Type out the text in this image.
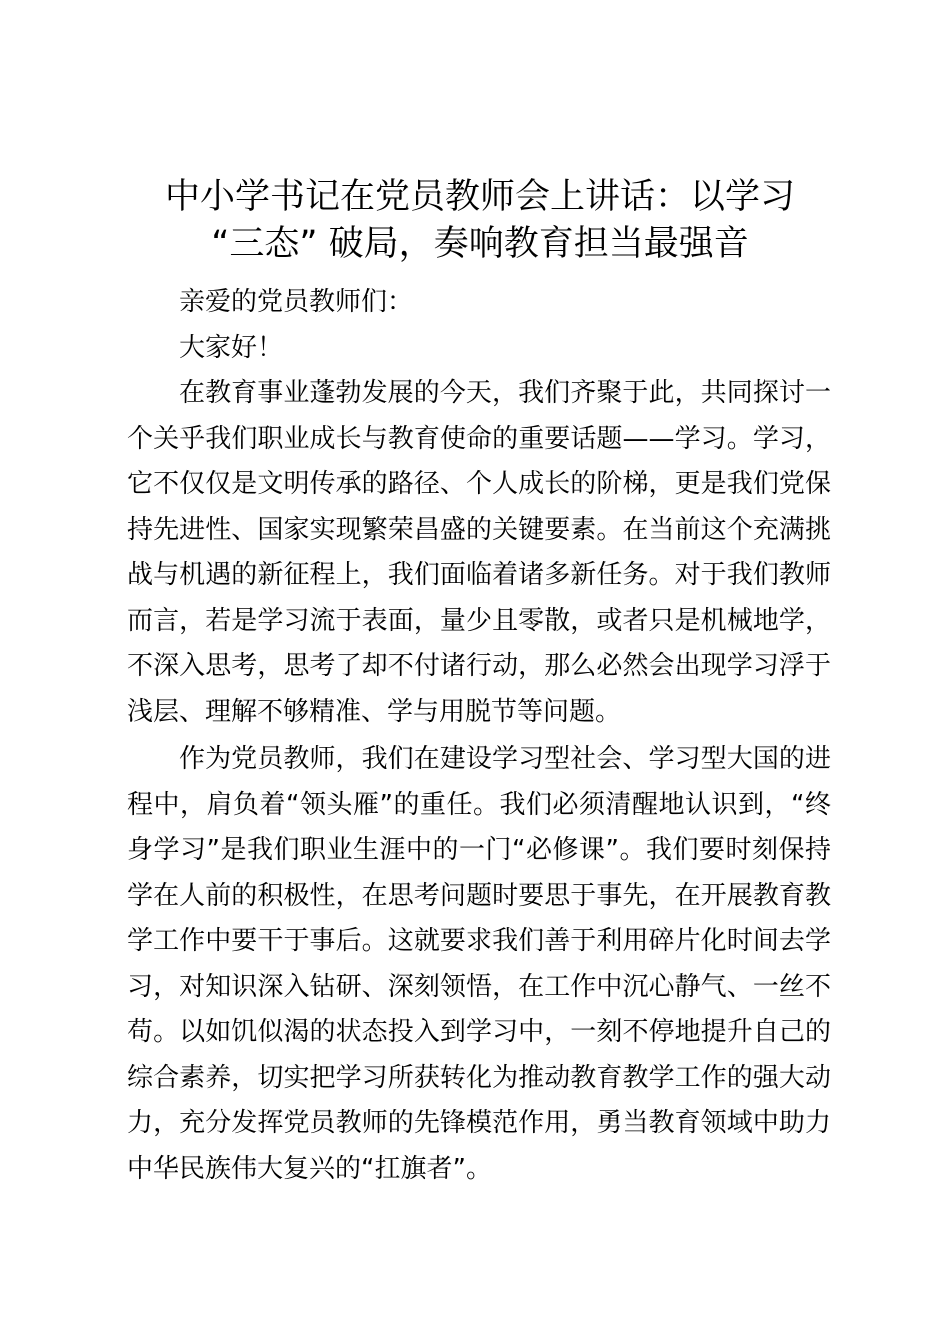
中小学书记在党员教师会上讲话：以学习
“三态” 破局，奏响教育担当最强音

亲爱的党员教师们：

大家好！

在教育事业蓬勃发展的今天，我们齐聚于此，共同探讨一个关乎我们职业成长与教育使命的重要话题——学习。学习，它不仅仅是文明传承的路径、个人成长的阶梯，更是我们党保持先进性、国家实现繁荣昌盛的关键要素。在当前这个充满挑战与机遇的新征程上，我们面临着诸多新任务。对于我们教师而言，若是学习流于表面，量少且零散，或者只是机械地学，不深入思考，思考了却不付诸行动，那么必然会出现学习浮于浅层、理解不够精准、学与用脱节等问题。

作为党员教师，我们在建设学习型社会、学习型大国的进程中，肩负着“领头雁”的重任。我们必须清醒地认识到，“终身学习”是我们职业生涯中的一门“必修课”。我们要时刻保持学在人前的积极性，在思考问题时要思于事先，在开展教育教学工作中要干于事后。这就要求我们善于利用碎片化时间去学习，对知识深入钻研、深刻领悟，在工作中沉心静气、一丝不苟。以如饥似渴的状态投入到学习中，一刻不停地提升自己的综合素养，切实把学习所获转化为推动教育教学工作的强大动力，充分发挥党员教师的先锋模范作用，勇当教育领域中助力中华民族伟大复兴的“扛旗者”。
